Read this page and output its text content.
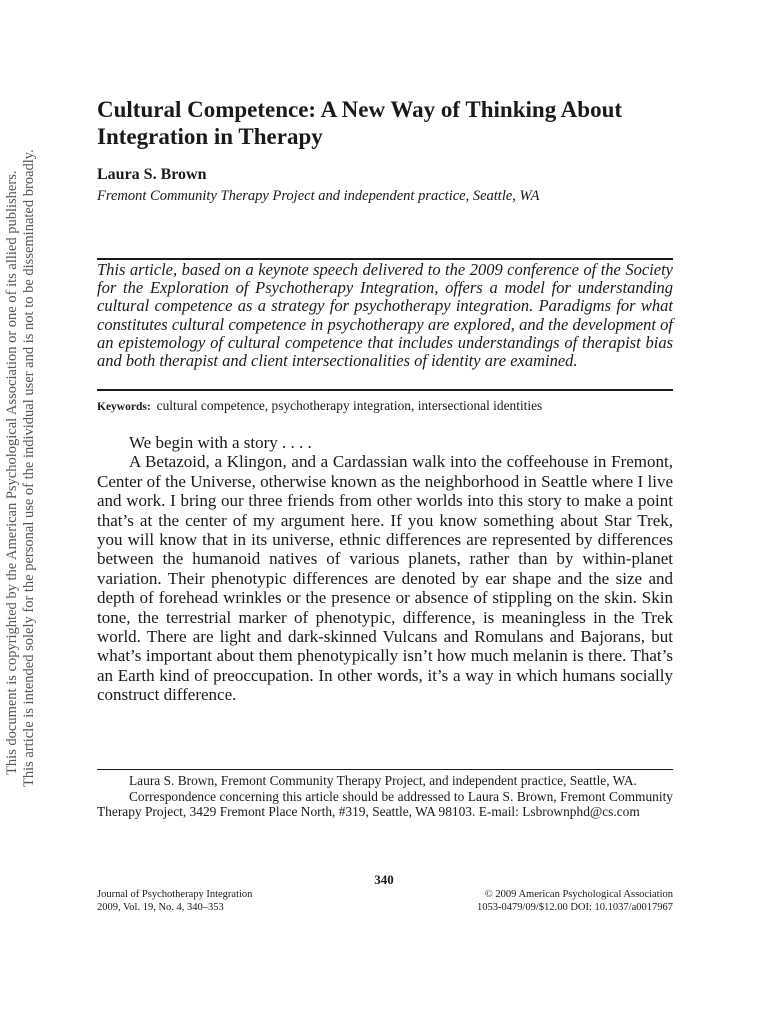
This document is copyrighted by the American Psychological Association or one of its allied publishers. This article is intended solely for the personal use of the individual user and is not to be disseminated broadly.
Cultural Competence: A New Way of Thinking About Integration in Therapy

Laura S. Brown

Fremont Community Therapy Project and independent practice, Seattle, WA

This article, based on a keynote speech delivered to the 2009 conference of the Society for the Exploration of Psychotherapy Integration, offers a model for understanding cultural competence as a strategy for psychotherapy integration. Paradigms for what constitutes cultural competence in psychotherapy are explored, and the development of an epistemology of cultural competence that includes understandings of therapist bias and both therapist and client intersectionalities of identity are examined.

Keywords: cultural competence, psychotherapy integration, intersectional identities

We begin with a story . . . .

A Betazoid, a Klingon, and a Cardassian walk into the coffeehouse in Fremont, Center of the Universe, otherwise known as the neighborhood in Seattle where I live and work. I bring our three friends from other worlds into this story to make a point that’s at the center of my argument here. If you know something about Star Trek, you will know that in its universe, ethnic differences are represented by differences between the humanoid natives of various planets, rather than by within-planet variation. Their phenotypic differences are denoted by ear shape and the size and depth of forehead wrinkles or the presence or absence of stippling on the skin. Skin tone, the terrestrial marker of phenotypic, difference, is meaningless in the Trek world. There are light and dark-skinned Vulcans and Romulans and Bajorans, but what’s important about them phenotypically isn’t how much melanin is there. That’s an Earth kind of preoccupation. In other words, it’s a way in which humans socially construct difference.

Laura S. Brown, Fremont Community Therapy Project, and independent practice, Seattle, WA.

Correspondence concerning this article should be addressed to Laura S. Brown, Fremont Community Therapy Project, 3429 Fremont Place North, #319, Seattle, WA 98103. E-mail: Lsbrownphd@cs.com

340

Journal of Psychotherapy Integration
2009, Vol. 19, No. 4, 340–353
© 2009 American Psychological Association
1053-0479/09/$12.00 DOI: 10.1037/a0017967
